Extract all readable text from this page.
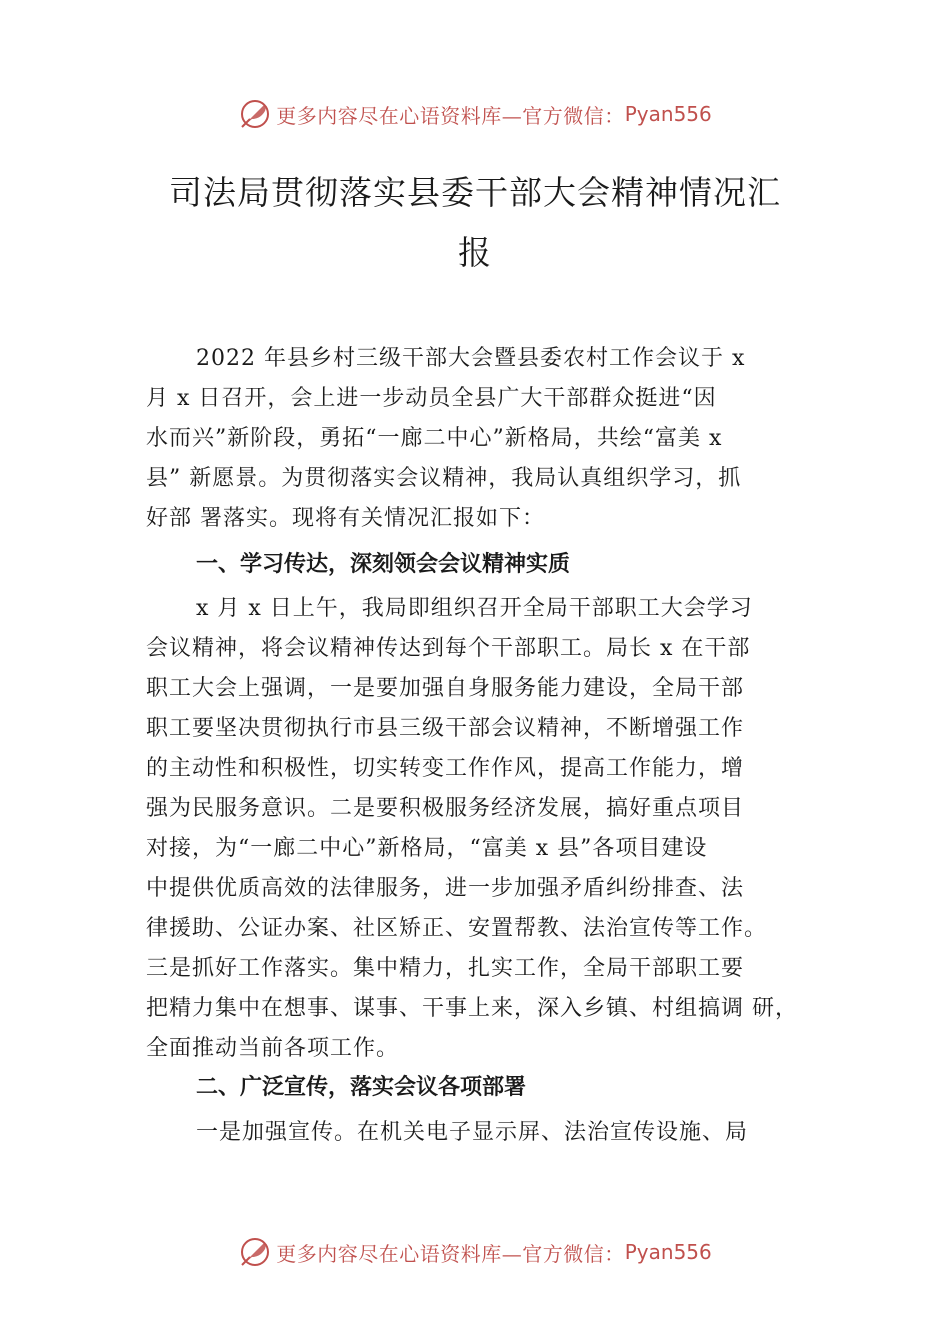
更多内容尽在心语资料库—官方微信： Pyan556
司法局贯彻落实县委干部大会精神情况汇
报

2022 年县乡村三级干部大会暨县委农村工作会议于 x
月 x 日召开，会上进一步动员全县广大干部群众挺进“因
水而兴”新阶段，勇拓“一廊二中心”新格局，共绘“富美 x
县” 新愿景。为贯彻落实会议精神，我局认真组织学习，抓
好部 署落实。现将有关情况汇报如下：

一、学习传达，深刻领会会议精神实质

x 月 x 日上午，我局即组织召开全局干部职工大会学习
会议精神，将会议精神传达到每个干部职工。局长 x 在干部
职工大会上强调，一是要加强自身服务能力建设，全局干部
职工要坚决贯彻执行市县三级干部会议精神，不断增强工作
的主动性和积极性，切实转变工作作风，提高工作能力，增
强为民服务意识。二是要积极服务经济发展，搞好重点项目
对接，为“一廊二中心”新格局，“富美 x 县”各项目建设
中提供优质高效的法律服务，进一步加强矛盾纠纷排查、法
律援助、公证办案、社区矫正、安置帮教、法治宣传等工作。
三是抓好工作落实。集中精力，扎实工作，全局干部职工要
把精力集中在想事、谋事、干事上来，深入乡镇、村组搞调 研，
全面推动当前各项工作。

二、广泛宣传，落实会议各项部署

一是加强宣传。在机关电子显示屏、法治宣传设施、局

更多内容尽在心语资料库—官方微信： Pyan556
